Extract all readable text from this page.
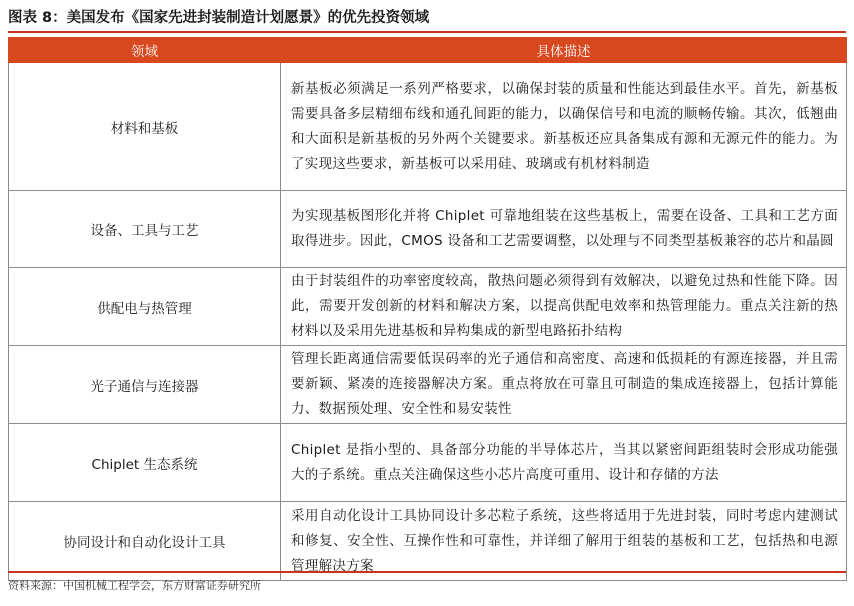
图表 8：美国发布《国家先进封装制造计划愿景》的优先投资领域
领域	具体描述
材料和基板	新基板必须满足一系列严格要求，以确保封装的质量和性能达到最佳水平。首先，新基板需要具备多层精细布线和通孔间距的能力，以确保信号和电流的顺畅传输。其次，低翘曲和大面积是新基板的另外两个关键要求。新基板还应具备集成有源和无源元件的能力。为了实现这些要求，新基板可以采用硅、玻璃或有机材料制造
设备、工具与工艺	为实现基板图形化并将 Chiplet 可靠地组装在这些基板上，需要在设备、工具和工艺方面取得进步。因此，CMOS 设备和工艺需要调整，以处理与不同类型基板兼容的芯片和晶圆
供配电与热管理	由于封装组件的功率密度较高，散热问题必须得到有效解决，以避免过热和性能下降。因此，需要开发创新的材料和解决方案，以提高供配电效率和热管理能力。重点关注新的热材料以及采用先进基板和异构集成的新型电路拓扑结构
光子通信与连接器	管理长距离通信需要低误码率的光子通信和高密度、高速和低损耗的有源连接器，并且需要新颖、紧凑的连接器解决方案。重点将放在可靠且可制造的集成连接器上，包括计算能力、数据预处理、安全性和易安装性
Chiplet 生态系统	Chiplet 是指小型的、具备部分功能的半导体芯片，当其以紧密间距组装时会形成功能强大的子系统。重点关注确保这些小芯片高度可重用、设计和存储的方法
协同设计和自动化设计工具	采用自动化设计工具协同设计多芯粒子系统，这些将适用于先进封装，同时考虑内建测试和修复、安全性、互操作性和可靠性，并详细了解用于组装的基板和工艺，包括热和电源管理解决方案
资料来源：中国机械工程学会，东方财富证券研究所
